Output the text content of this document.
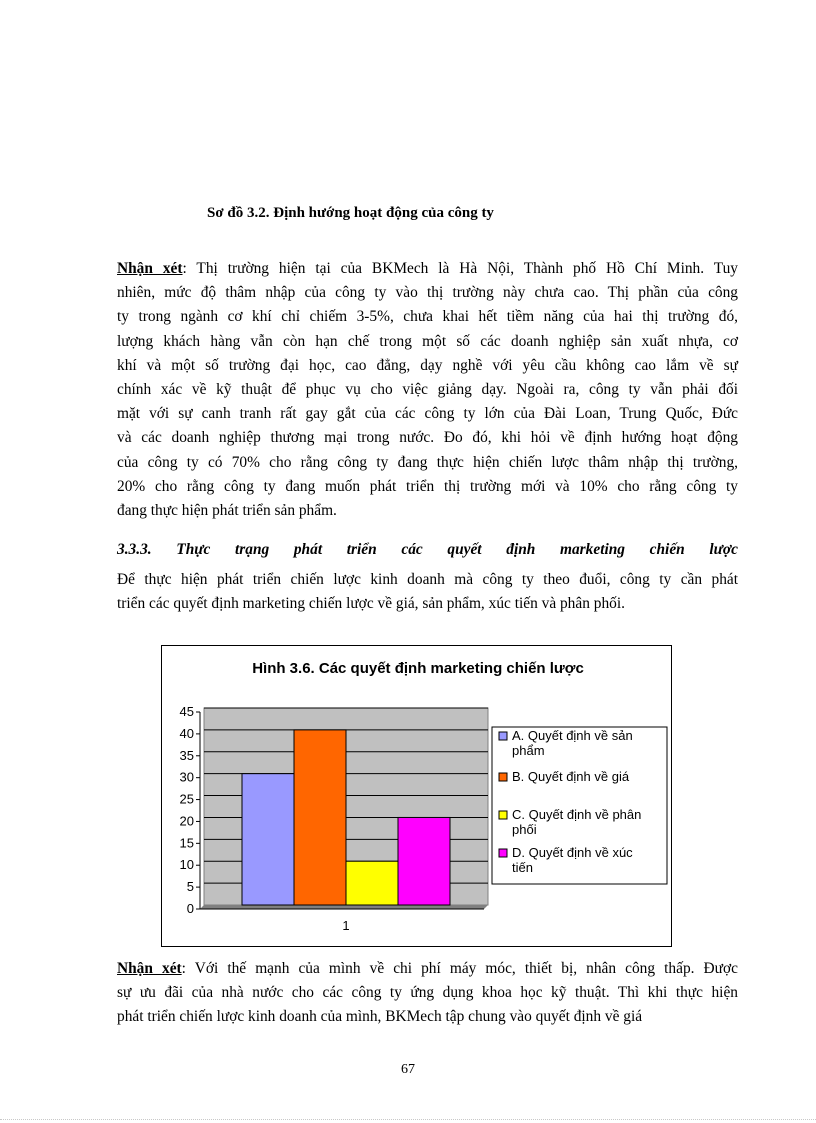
Sơ đồ 3.2. Định hướng hoạt động của công ty
Nhận xét: Thị trường hiện tại của BKMech là Hà Nội, Thành phố Hồ Chí Minh. Tuy
nhiên, mức độ thâm nhập của công ty vào thị trường này chưa cao. Thị phần của công
ty trong ngành cơ khí chỉ chiếm 3-5%, chưa khai hết tiềm năng của hai thị trường đó,
lượng khách hàng vẫn còn hạn chế trong một số các doanh nghiệp sản xuất nhựa, cơ
khí và một số trường đại học, cao đẳng, dạy nghề với yêu cầu không cao lắm về sự
chính xác về kỹ thuật để phục vụ cho việc giảng dạy. Ngoài ra, công ty vẫn phải đối
mặt với sự canh tranh rất gay gắt của các công ty lớn của Đài Loan, Trung Quốc, Đức
và các doanh nghiệp thương mại trong nước. Đo đó, khi hỏi về định hướng hoạt động
của công ty có 70% cho rằng công ty đang thực hiện chiến lược thâm nhập thị trường,
20% cho rằng công ty đang muốn phát triển thị trường mới và 10% cho rằng công ty
đang thực hiện phát triển sản phẩm.
3.3.3. Thực trạng phát triển các quyết định marketing chiến lược
Để thực hiện phát triển chiến lược kinh doanh mà công ty theo đuổi, công ty cần phát
triển các quyết định marketing chiến lược về giá, sản phẩm, xúc tiến và phân phối.
Hình 3.6. Các quyết định marketing chiến lược
0
5
10
15
20
25
30
35
40
45
1
A. Quyết định về sản
phẩm
B. Quyết định về giá
C. Quyết định về phân
phối
D. Quyết định về xúc
tiến
Nhận xét: Với thế mạnh của mình về chi phí máy móc, thiết bị, nhân công thấp. Được
sự ưu đãi của nhà nước cho các công ty ứng dụng khoa học kỹ thuật. Thì khi thực hiện
phát triển chiến lược kinh doanh của mình, BKMech tập chung vào quyết định về giá
67
